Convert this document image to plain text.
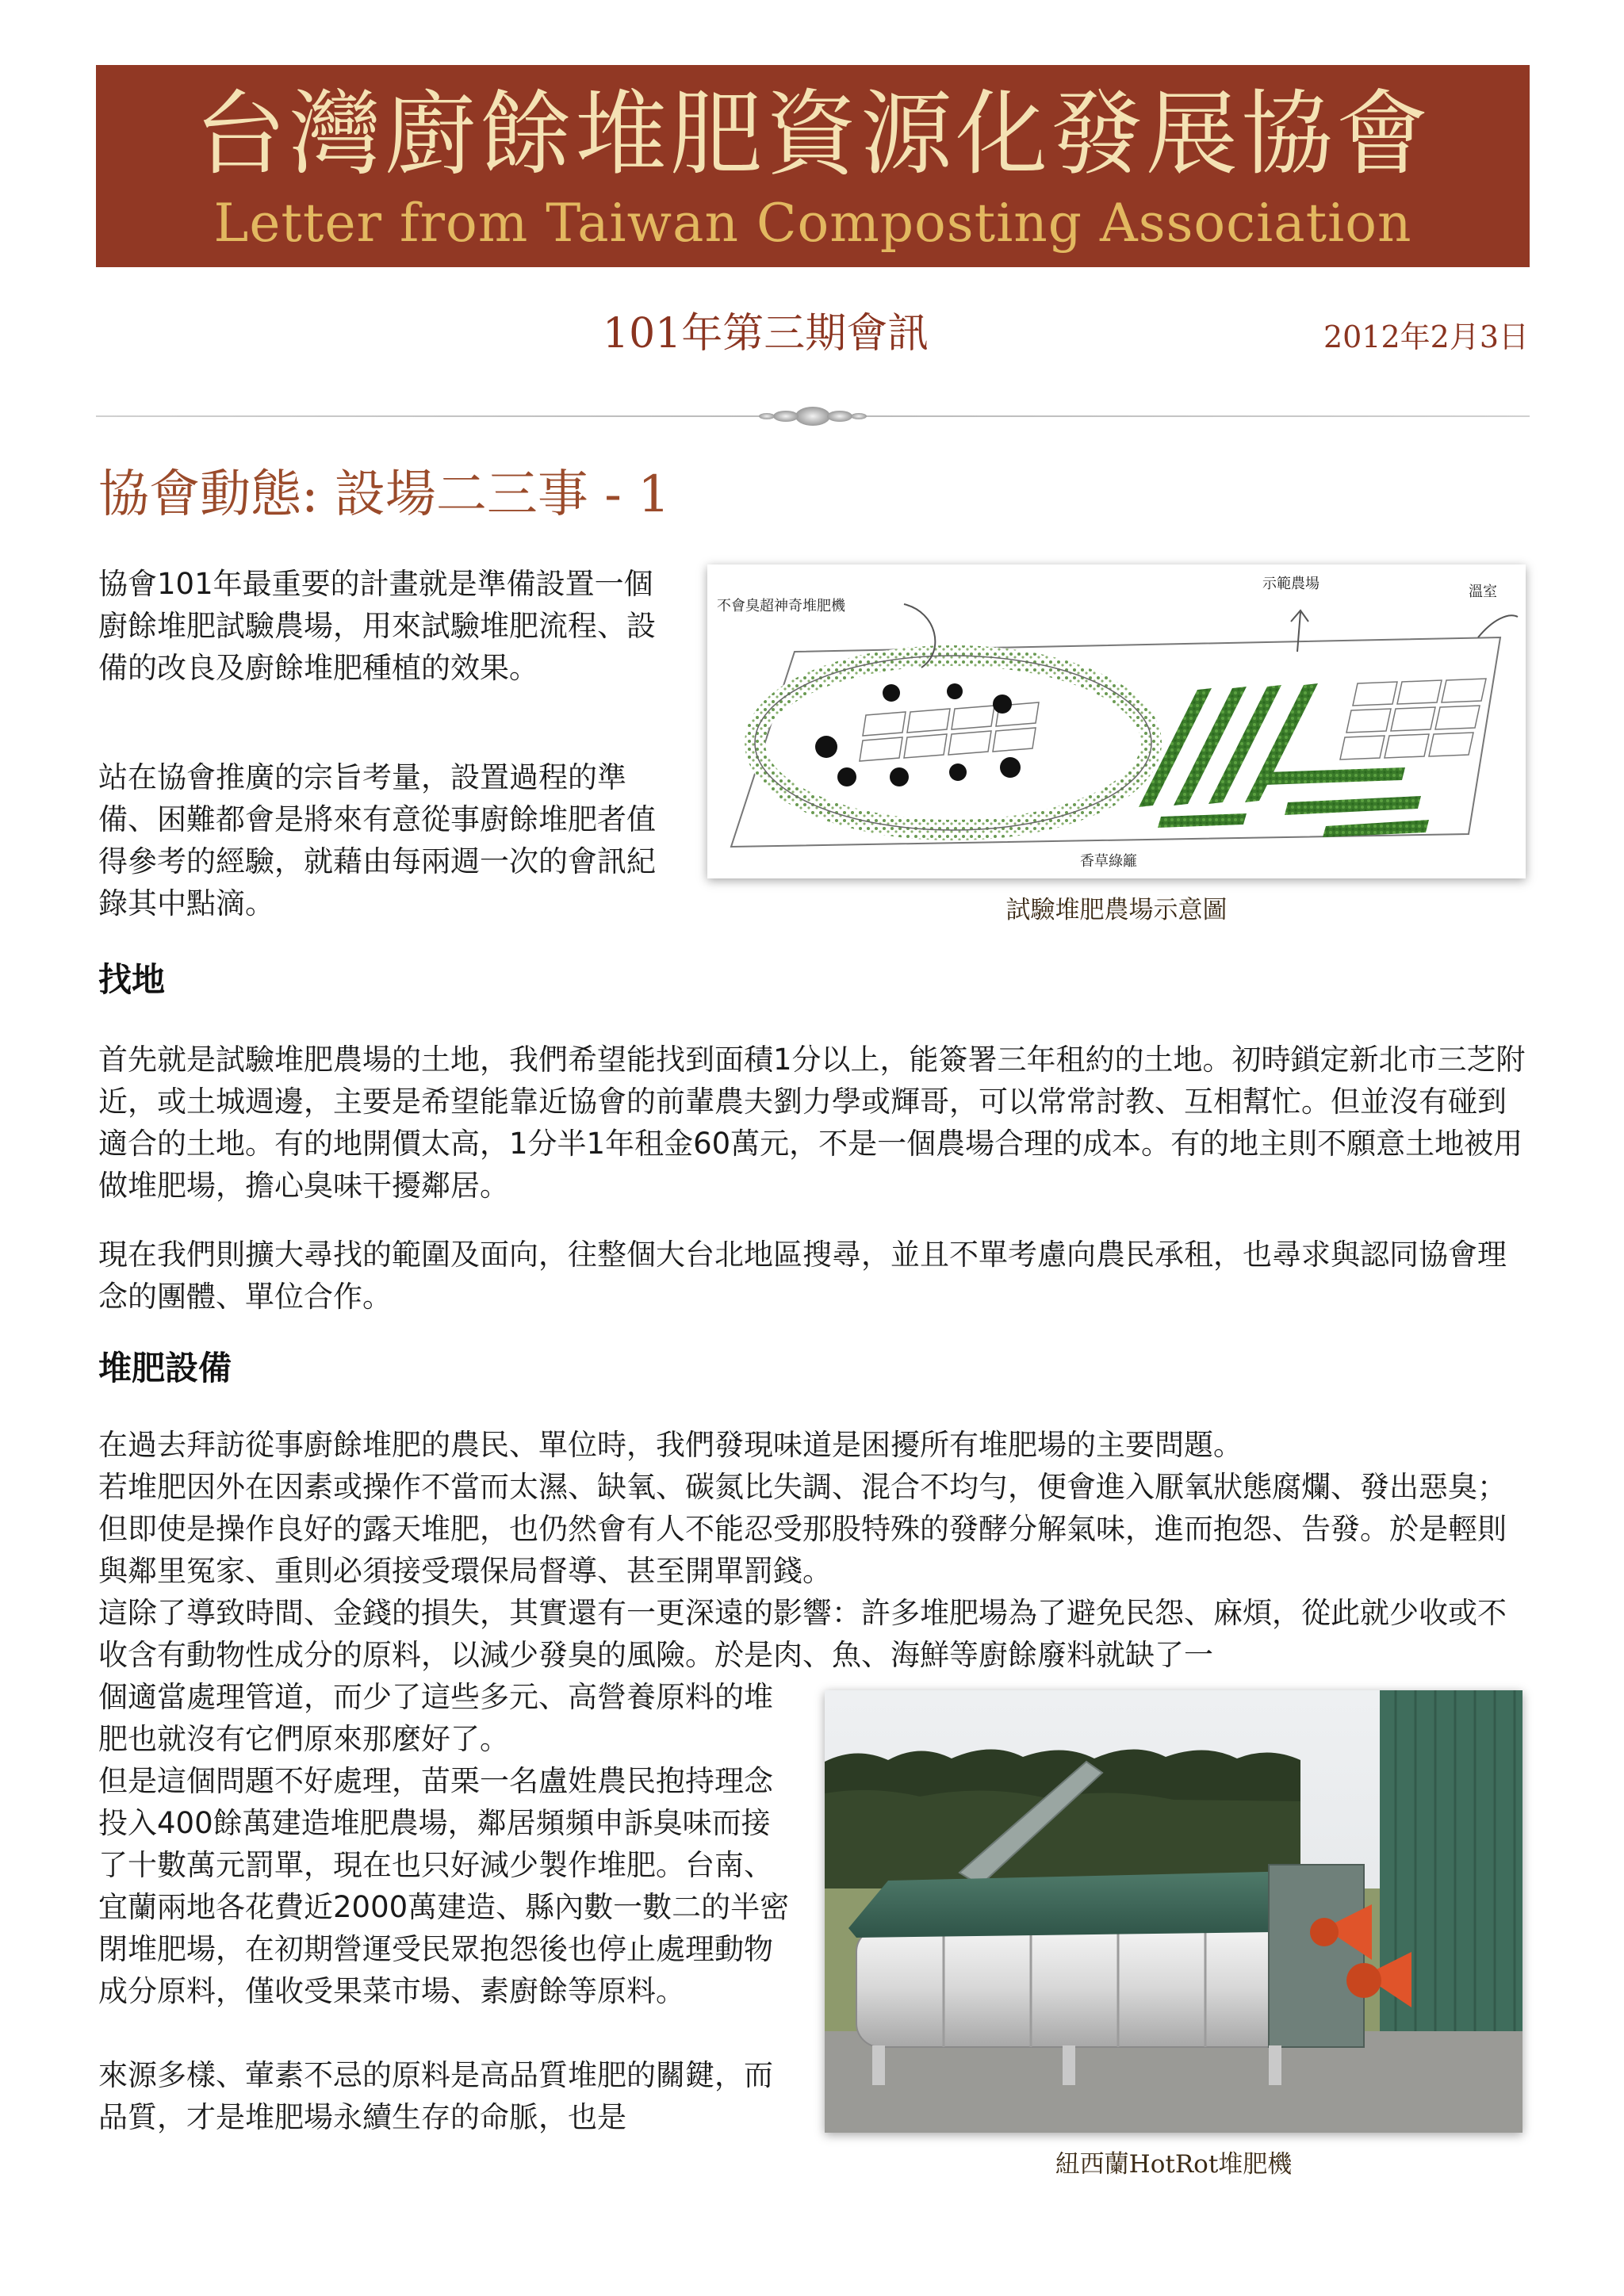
台灣廚餘堆肥資源化發展協會
Letter from Taiwan Composting Association
101年第三期會訊	2012年2月3日
協會動態: 設場二三事 - 1
協會101年最重要的計畫就是準備設置一個廚餘堆肥試驗農場，用來試驗堆肥流程、設備的改良及廚餘堆肥種植的效果。
站在協會推廣的宗旨考量，設置過程的準備、困難都會是將來有意從事廚餘堆肥者值得參考的經驗，就藉由每兩週一次的會訊紀錄其中點滴。
不會臭超神奇堆肥機
示範農場	溫室
香草綠籬
試驗堆肥農場示意圖
找地
首先就是試驗堆肥農場的土地，我們希望能找到面積1分以上，能簽署三年租約的土地。初時鎖定新北市三芝附近，或土城週邊，主要是希望能靠近協會的前輩農夫劉力學或輝哥，可以常常討教、互相幫忙。但並沒有碰到適合的土地。有的地開價太高，1分半1年租金60萬元，不是一個農場合理的成本。有的地主則不願意土地被用做堆肥場，擔心臭味干擾鄰居。
現在我們則擴大尋找的範圍及面向，往整個大台北地區搜尋，並且不單考慮向農民承租，也尋求與認同協會理念的團體、單位合作。
堆肥設備
在過去拜訪從事廚餘堆肥的農民、單位時，我們發現味道是困擾所有堆肥場的主要問題。
若堆肥因外在因素或操作不當而太濕、缺氧、碳氮比失調、混合不均勻，便會進入厭氧狀態腐爛、發出惡臭；但即使是操作良好的露天堆肥，也仍然會有人不能忍受那股特殊的發酵分解氣味，進而抱怨、告發。於是輕則與鄰里冤家、重則必須接受環保局督導、甚至開單罰錢。
這除了導致時間、金錢的損失，其實還有一更深遠的影響：許多堆肥場為了避免民怨、麻煩，從此就少收或不收含有動物性成分的原料，以減少發臭的風險。於是肉、魚、海鮮等廚餘廢料就缺了一
個適當處理管道，而少了這些多元、高營養原料的堆肥也就沒有它們原來那麼好了。
但是這個問題不好處理，苗栗一名盧姓農民抱持理念投入400餘萬建造堆肥農場，鄰居頻頻申訴臭味而接了十數萬元罰單，現在也只好減少製作堆肥。台南、宜蘭兩地各花費近2000萬建造、縣內數一數二的半密閉堆肥場，在初期營運受民眾抱怨後也停止處理動物成分原料，僅收受果菜市場、素廚餘等原料。
來源多樣、葷素不忌的原料是高品質堆肥的關鍵，而品質，才是堆肥場永續生存的命脈，也是
紐西蘭HotRot堆肥機
